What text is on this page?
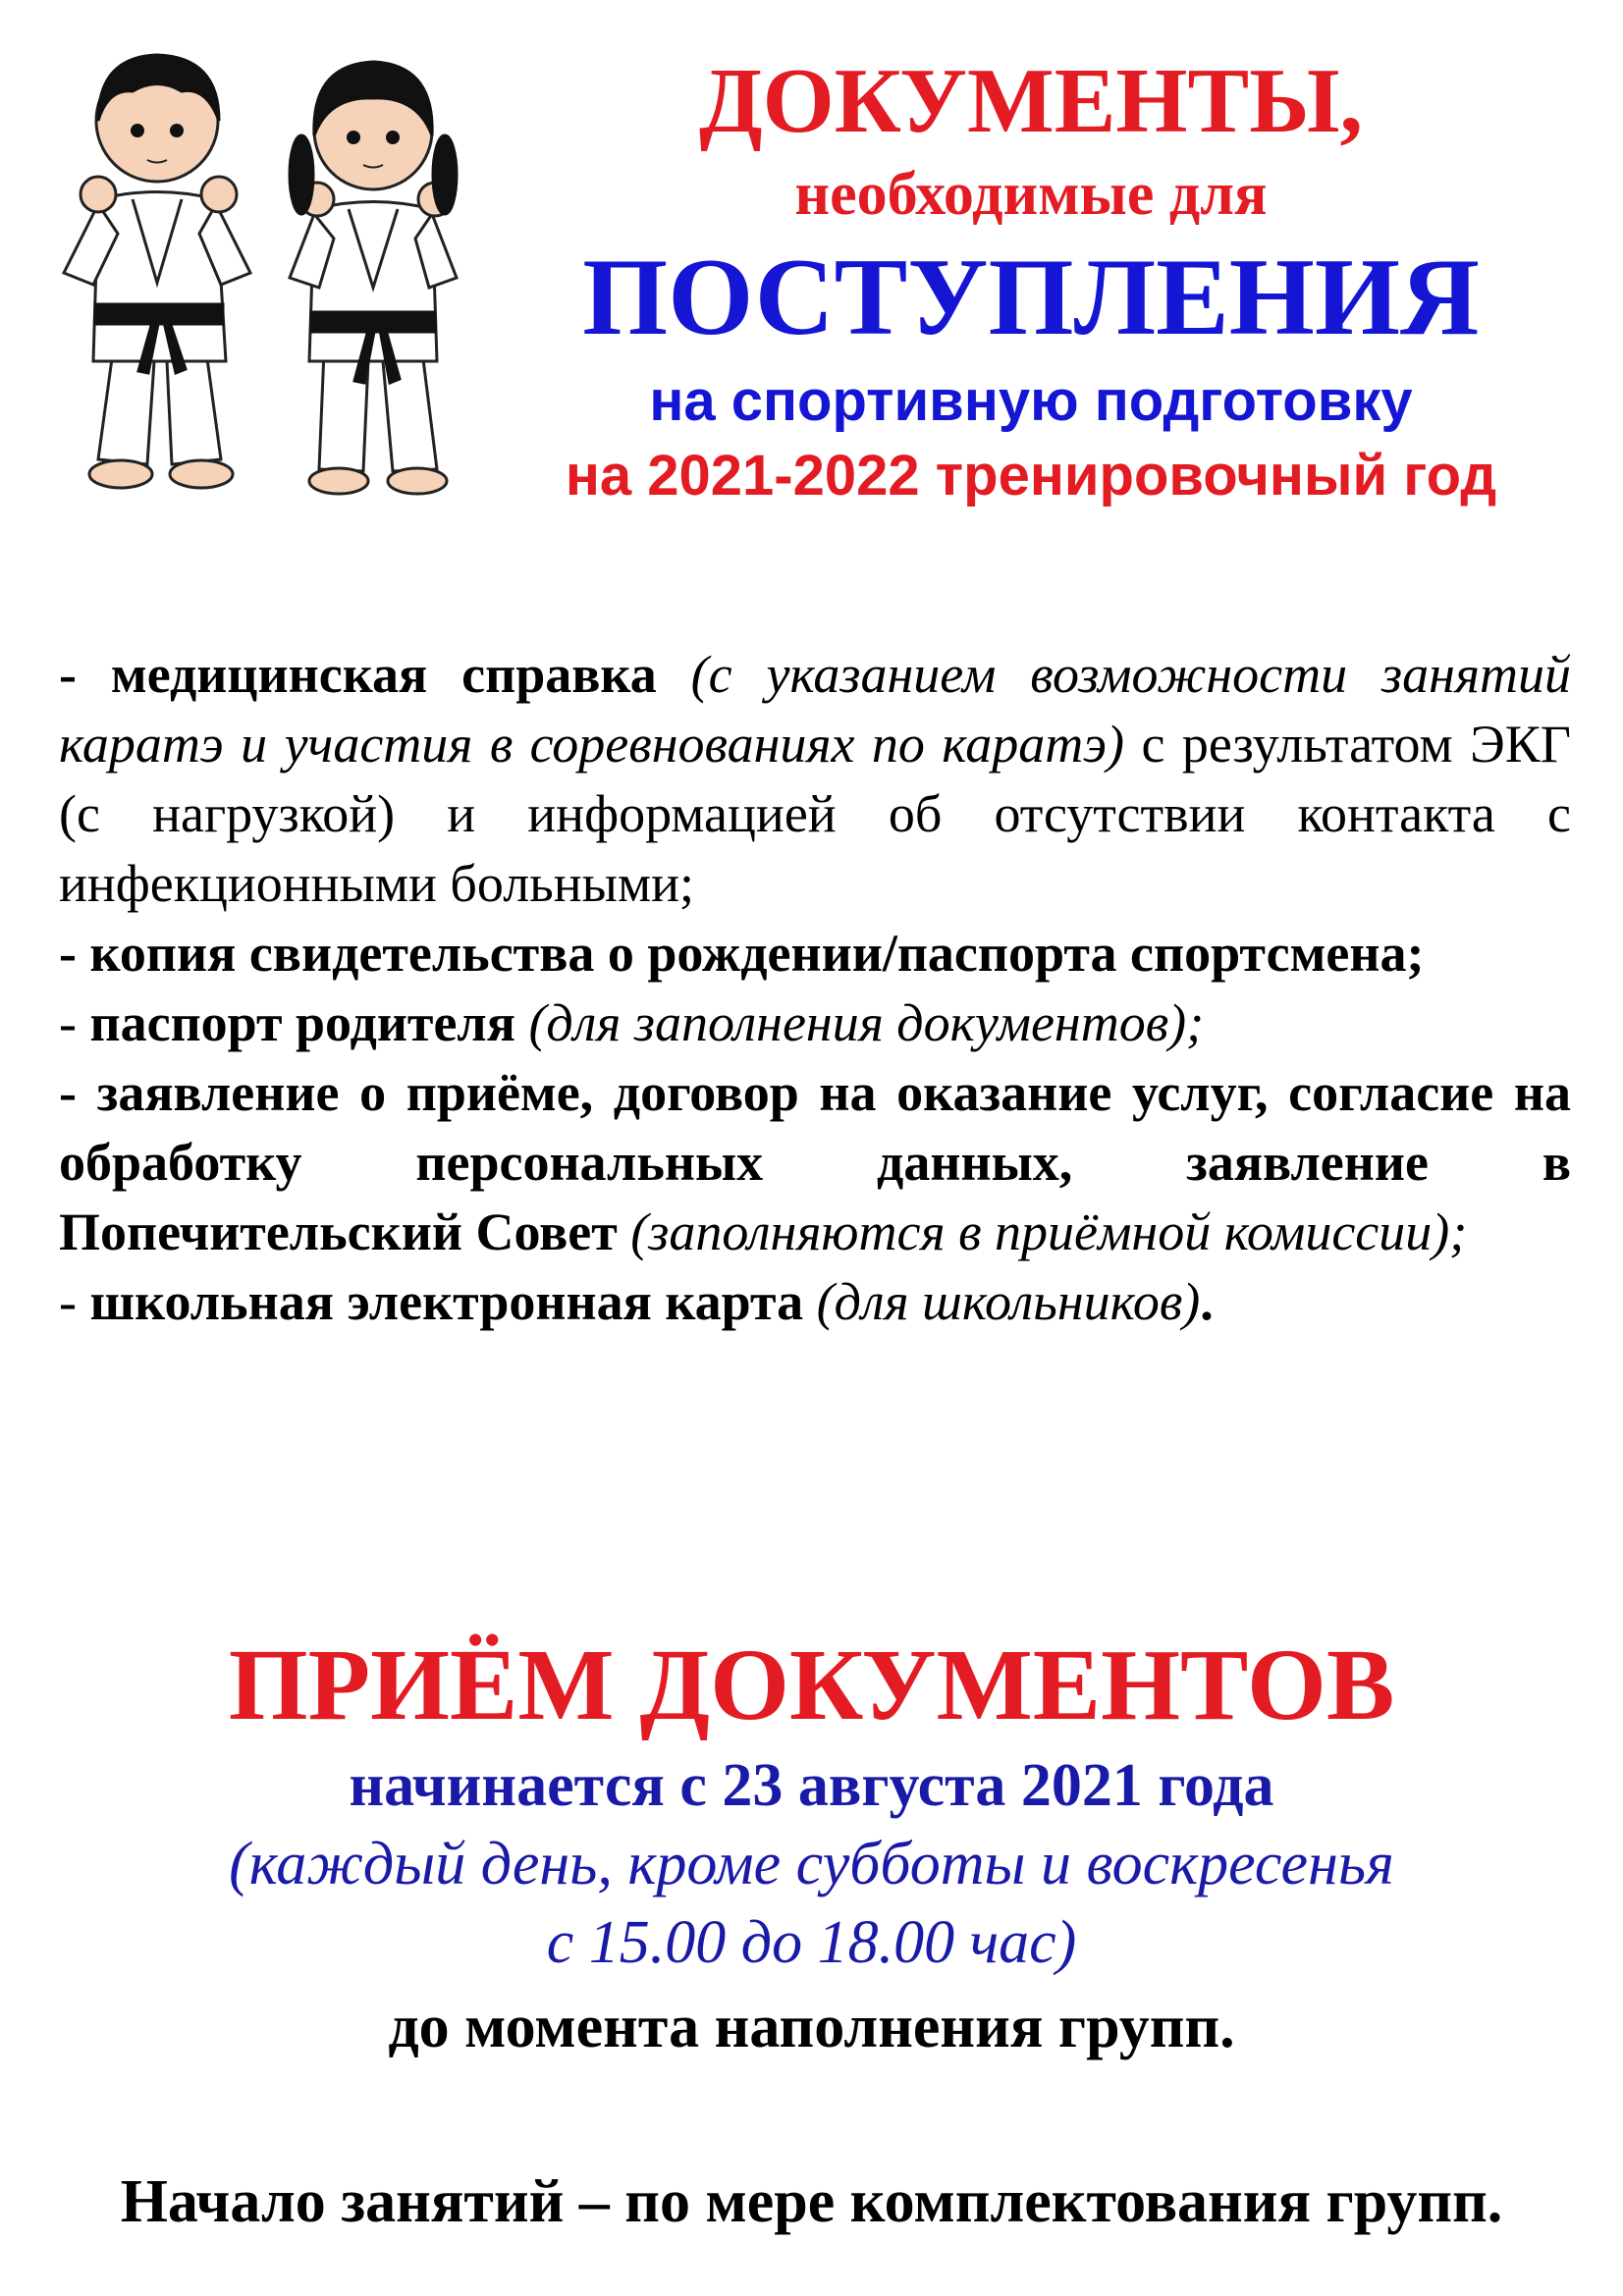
ДОКУМЕНТЫ,
необходимые для
ПОСТУПЛЕНИЯ
на спортивную подготовку
на 2021-2022 тренировочный год

- медицинская справка (с указанием возможности занятий каратэ и участия в соревнованиях по каратэ) с результатом ЭКГ (с нагрузкой) и информацией об отсутствии контакта с инфекционными больными;

- копия свидетельства о рождении/паспорта спортсмена;

- паспорт родителя (для заполнения документов);

- заявление о приёме, договор на оказание услуг, согласие на обработку персональных данных, заявление в Попечительский Совет (заполняются в приёмной комиссии);

- школьная электронная карта (для школьников).

ПРИЁМ ДОКУМЕНТОВ
начинается с 23 августа 2021 года
(каждый день, кроме субботы и воскресенья
с 15.00 до 18.00 час)
до момента наполнения групп.
Начало занятий – по мере комплектования групп.
